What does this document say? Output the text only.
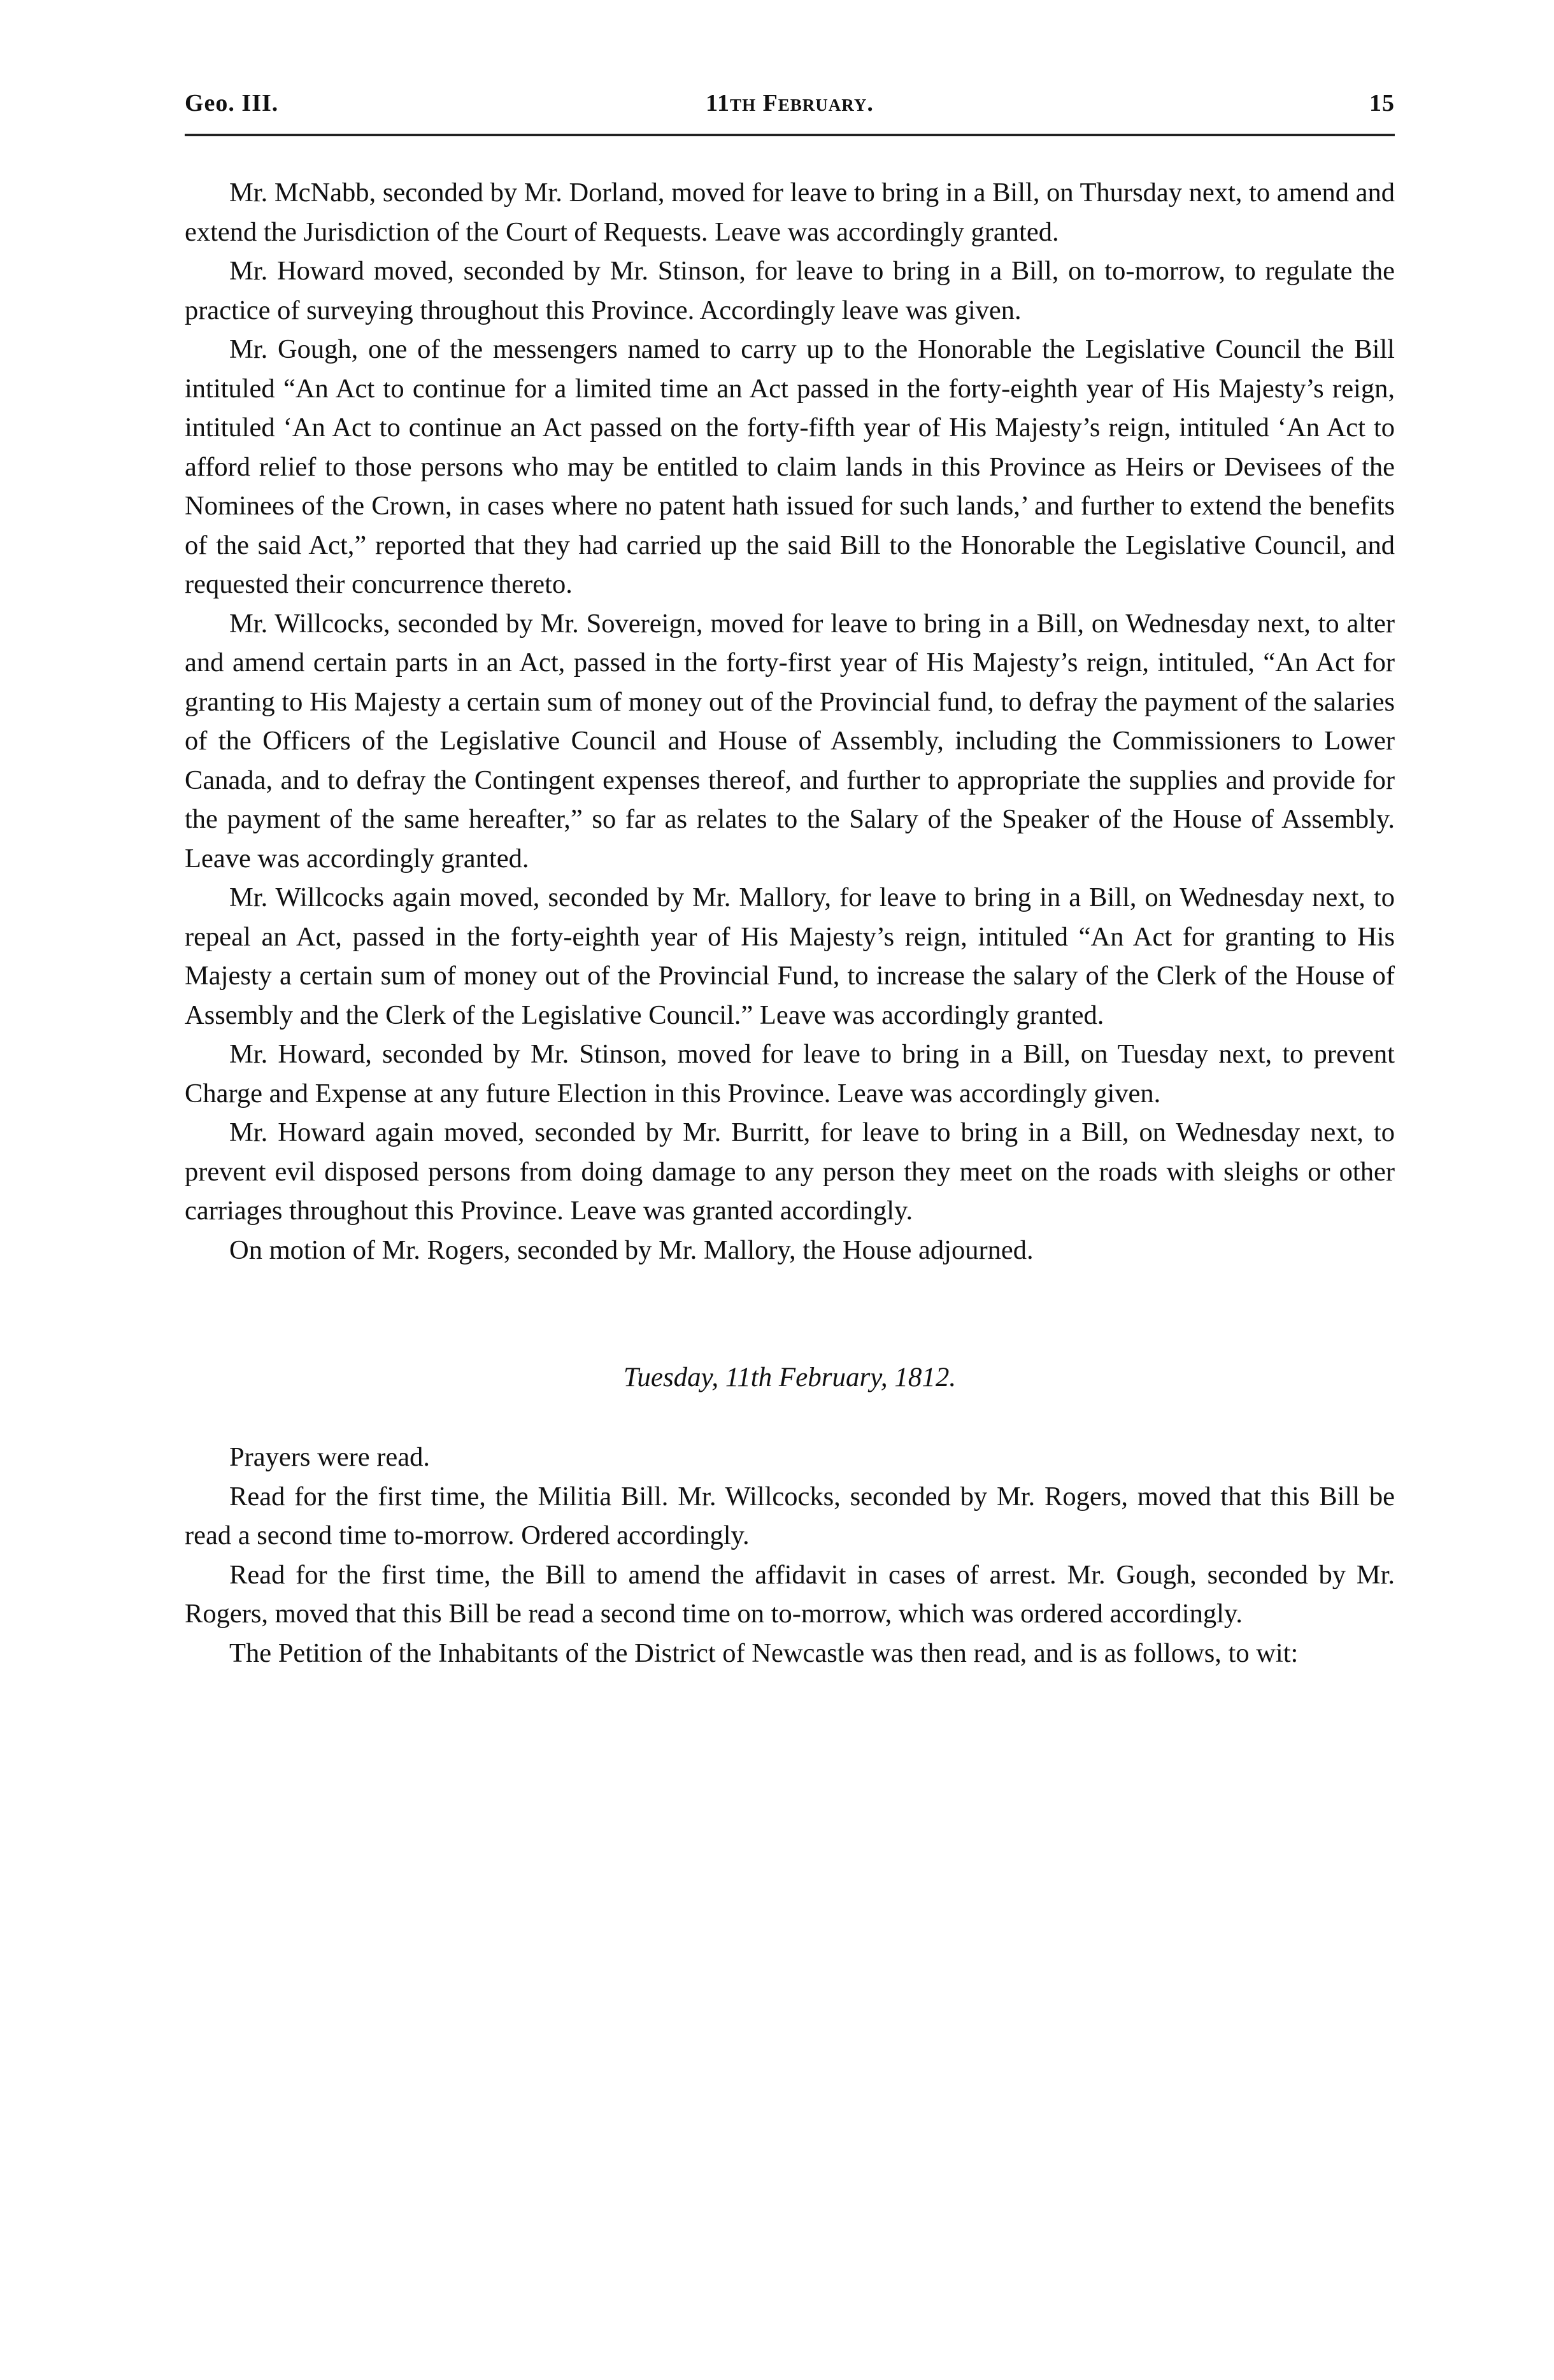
Geo. III.	11th February.	15

Mr. McNabb, seconded by Mr. Dorland, moved for leave to bring in a Bill, on Thursday next, to amend and extend the Jurisdiction of the Court of Requests. Leave was accordingly granted.

Mr. Howard moved, seconded by Mr. Stinson, for leave to bring in a Bill, on to-morrow, to regulate the practice of surveying throughout this Province. Accordingly leave was given.

Mr. Gough, one of the messengers named to carry up to the Honorable the Legislative Council the Bill intituled “An Act to continue for a limited time an Act passed in the forty-eighth year of His Majesty’s reign, intituled ‘An Act to continue an Act passed on the forty-fifth year of His Majesty’s reign, intituled ‘An Act to afford relief to those persons who may be entitled to claim lands in this Province as Heirs or Devisees of the Nominees of the Crown, in cases where no patent hath issued for such lands,’ and further to extend the benefits of the said Act,” reported that they had carried up the said Bill to the Honorable the Legislative Council, and requested their concurrence thereto.

Mr. Willcocks, seconded by Mr. Sovereign, moved for leave to bring in a Bill, on Wednesday next, to alter and amend certain parts in an Act, passed in the forty-first year of His Majesty’s reign, intituled, “An Act for granting to His Majesty a certain sum of money out of the Provincial fund, to defray the payment of the salaries of the Officers of the Legislative Council and House of Assembly, including the Commissioners to Lower Canada, and to defray the Contingent expenses thereof, and further to appropriate the supplies and provide for the payment of the same hereafter,” so far as relates to the Salary of the Speaker of the House of Assembly. Leave was accordingly granted.

Mr. Willcocks again moved, seconded by Mr. Mallory, for leave to bring in a Bill, on Wednesday next, to repeal an Act, passed in the forty-eighth year of His Majesty’s reign, intituled “An Act for granting to His Majesty a certain sum of money out of the Provincial Fund, to increase the salary of the Clerk of the House of Assembly and the Clerk of the Legislative Council.” Leave was accordingly granted.

Mr. Howard, seconded by Mr. Stinson, moved for leave to bring in a Bill, on Tuesday next, to prevent Charge and Expense at any future Election in this Province. Leave was accordingly given.

Mr. Howard again moved, seconded by Mr. Burritt, for leave to bring in a Bill, on Wednesday next, to prevent evil disposed persons from doing damage to any person they meet on the roads with sleighs or other carriages throughout this Province. Leave was granted accordingly.

On motion of Mr. Rogers, seconded by Mr. Mallory, the House adjourned.

Tuesday, 11th February, 1812.

Prayers were read.

Read for the first time, the Militia Bill. Mr. Willcocks, seconded by Mr. Rogers, moved that this Bill be read a second time to-morrow. Ordered accordingly.

Read for the first time, the Bill to amend the affidavit in cases of arrest. Mr. Gough, seconded by Mr. Rogers, moved that this Bill be read a second time on to-morrow, which was ordered accordingly.

The Petition of the Inhabitants of the District of Newcastle was then read, and is as follows, to wit:
